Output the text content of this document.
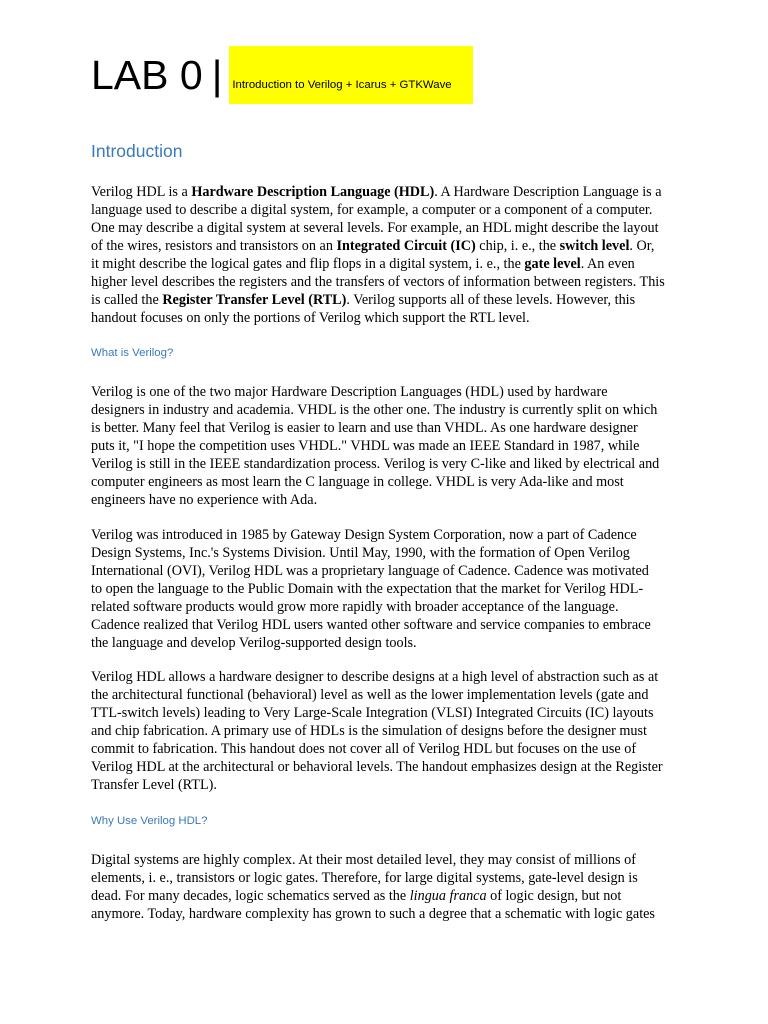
LAB 0 | Introduction to Verilog + Icarus + GTKWave
Introduction
Verilog HDL is a Hardware Description Language (HDL). A Hardware Description Language is a
language used to describe a digital system, for example, a computer or a component of a computer.
One may describe a digital system at several levels. For example, an HDL might describe the layout
of the wires, resistors and transistors on an Integrated Circuit (IC) chip, i. e., the switch level. Or,
it might describe the logical gates and flip flops in a digital system, i. e., the gate level. An even
higher level describes the registers and the transfers of vectors of information between registers. This
is called the Register Transfer Level (RTL). Verilog supports all of these levels. However, this
handout focuses on only the portions of Verilog which support the RTL level.
What is Verilog?
Verilog is one of the two major Hardware Description Languages (HDL) used by hardware
designers in industry and academia. VHDL is the other one. The industry is currently split on which
is better. Many feel that Verilog is easier to learn and use than VHDL. As one hardware designer
puts it, "I hope the competition uses VHDL." VHDL was made an IEEE Standard in 1987, while
Verilog is still in the IEEE standardization process. Verilog is very C-like and liked by electrical and
computer engineers as most learn the C language in college. VHDL is very Ada-like and most
engineers have no experience with Ada.
Verilog was introduced in 1985 by Gateway Design System Corporation, now a part of Cadence
Design Systems, Inc.'s Systems Division. Until May, 1990, with the formation of Open Verilog
International (OVI), Verilog HDL was a proprietary language of Cadence. Cadence was motivated
to open the language to the Public Domain with the expectation that the market for Verilog HDL-
related software products would grow more rapidly with broader acceptance of the language.
Cadence realized that Verilog HDL users wanted other software and service companies to embrace
the language and develop Verilog-supported design tools.
Verilog HDL allows a hardware designer to describe designs at a high level of abstraction such as at
the architectural functional (behavioral) level as well as the lower implementation levels (gate and
TTL-switch levels) leading to Very Large-Scale Integration (VLSI) Integrated Circuits (IC) layouts
and chip fabrication. A primary use of HDLs is the simulation of designs before the designer must
commit to fabrication. This handout does not cover all of Verilog HDL but focuses on the use of
Verilog HDL at the architectural or behavioral levels. The handout emphasizes design at the Register
Transfer Level (RTL).
Why Use Verilog HDL?
Digital systems are highly complex. At their most detailed level, they may consist of millions of
elements, i. e., transistors or logic gates. Therefore, for large digital systems, gate-level design is
dead. For many decades, logic schematics served as the lingua franca of logic design, but not
anymore. Today, hardware complexity has grown to such a degree that a schematic with logic gates
